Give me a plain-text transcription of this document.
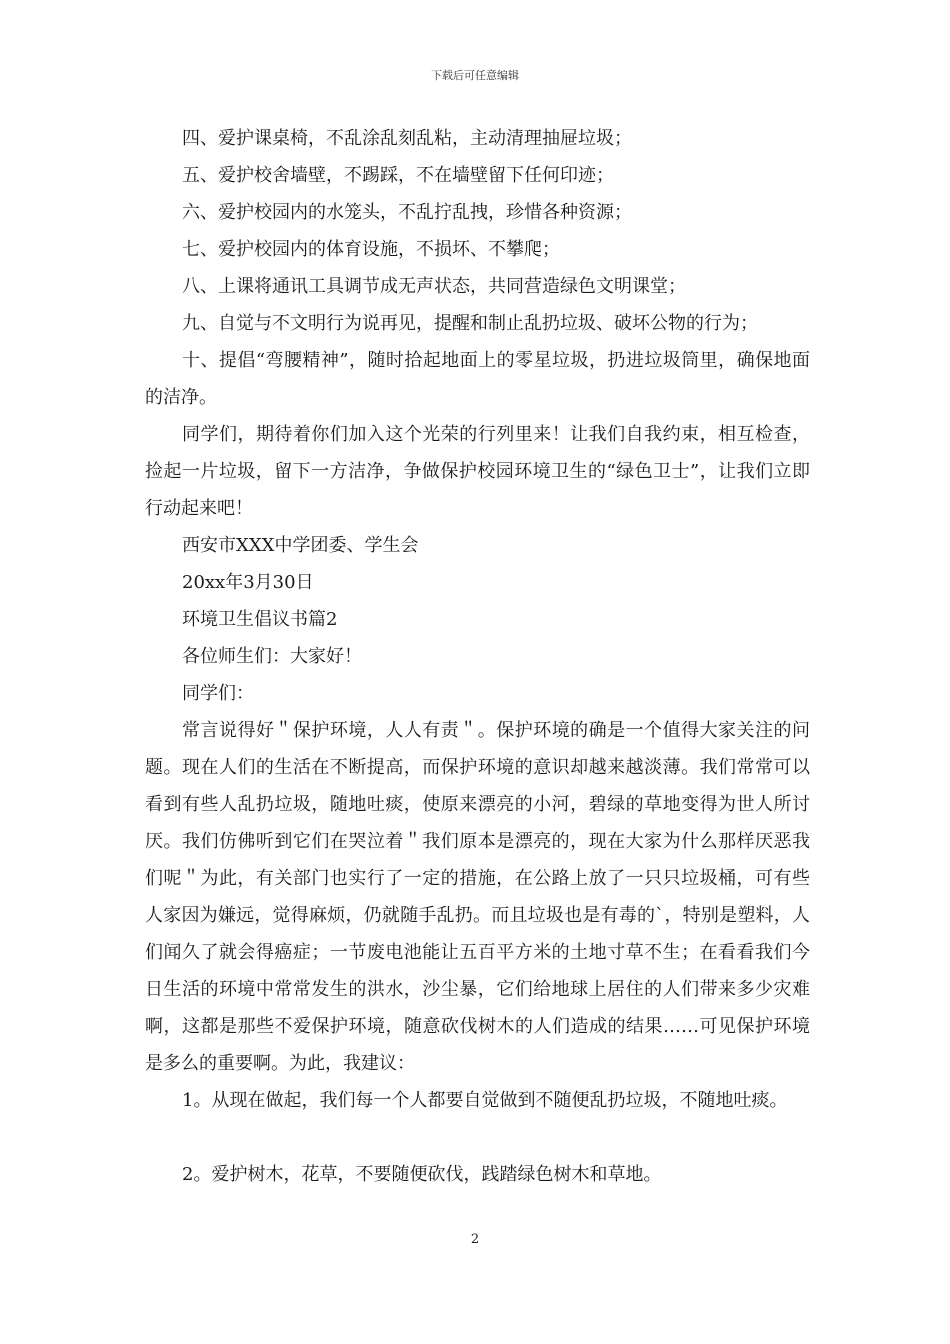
下载后可任意编辑

四、爱护课桌椅，不乱涂乱刻乱粘，主动清理抽屉垃圾；

五、爱护校舍墙壁，不踢踩，不在墙壁留下任何印迹；

六、爱护校园内的水笼头，不乱拧乱拽，珍惜各种资源；

七、爱护校园内的体育设施，不损坏、不攀爬；

八、上课将通讯工具调节成无声状态，共同营造绿色文明课堂；

九、自觉与不文明行为说再见，提醒和制止乱扔垃圾、破坏公物的行为；

十、提倡“弯腰精神”，随时拾起地面上的零星垃圾，扔进垃圾筒里，确保地面的洁净。

同学们，期待着你们加入这个光荣的行列里来！让我们自我约束，相互检查，捡起一片垃圾，留下一方洁净，争做保护校园环境卫生的“绿色卫士”，让我们立即行动起来吧！

西安市XXX中学团委、学生会

20xx年3月30日

环境卫生倡议书篇2

各位师生们：大家好！

同学们：

常言说得好＂保护环境，人人有责＂。保护环境的确是一个值得大家关注的问题。现在人们的生活在不断提高，而保护环境的意识却越来越淡薄。我们常常可以看到有些人乱扔垃圾，随地吐痰，使原来漂亮的小河，碧绿的草地变得为世人所讨厌。我们仿佛听到它们在哭泣着＂我们原本是漂亮的，现在大家为什么那样厌恶我们呢＂为此，有关部门也实行了一定的措施，在公路上放了一只只垃圾桶，可有些人家因为嫌远，觉得麻烦，仍就随手乱扔。而且垃圾也是有毒的`，特别是塑料，人们闻久了就会得癌症；一节废电池能让五百平方米的土地寸草不生；在看看我们今日生活的环境中常常发生的洪水，沙尘暴，它们给地球上居住的人们带来多少灾难啊，这都是那些不爱保护环境，随意砍伐树木的人们造成的结果……可见保护环境是多么的重要啊。为此，我建议：

1。从现在做起，我们每一个人都要自觉做到不随便乱扔垃圾，不随地吐痰。

2。爱护树木，花草，不要随便砍伐，践踏绿色树木和草地。

2
